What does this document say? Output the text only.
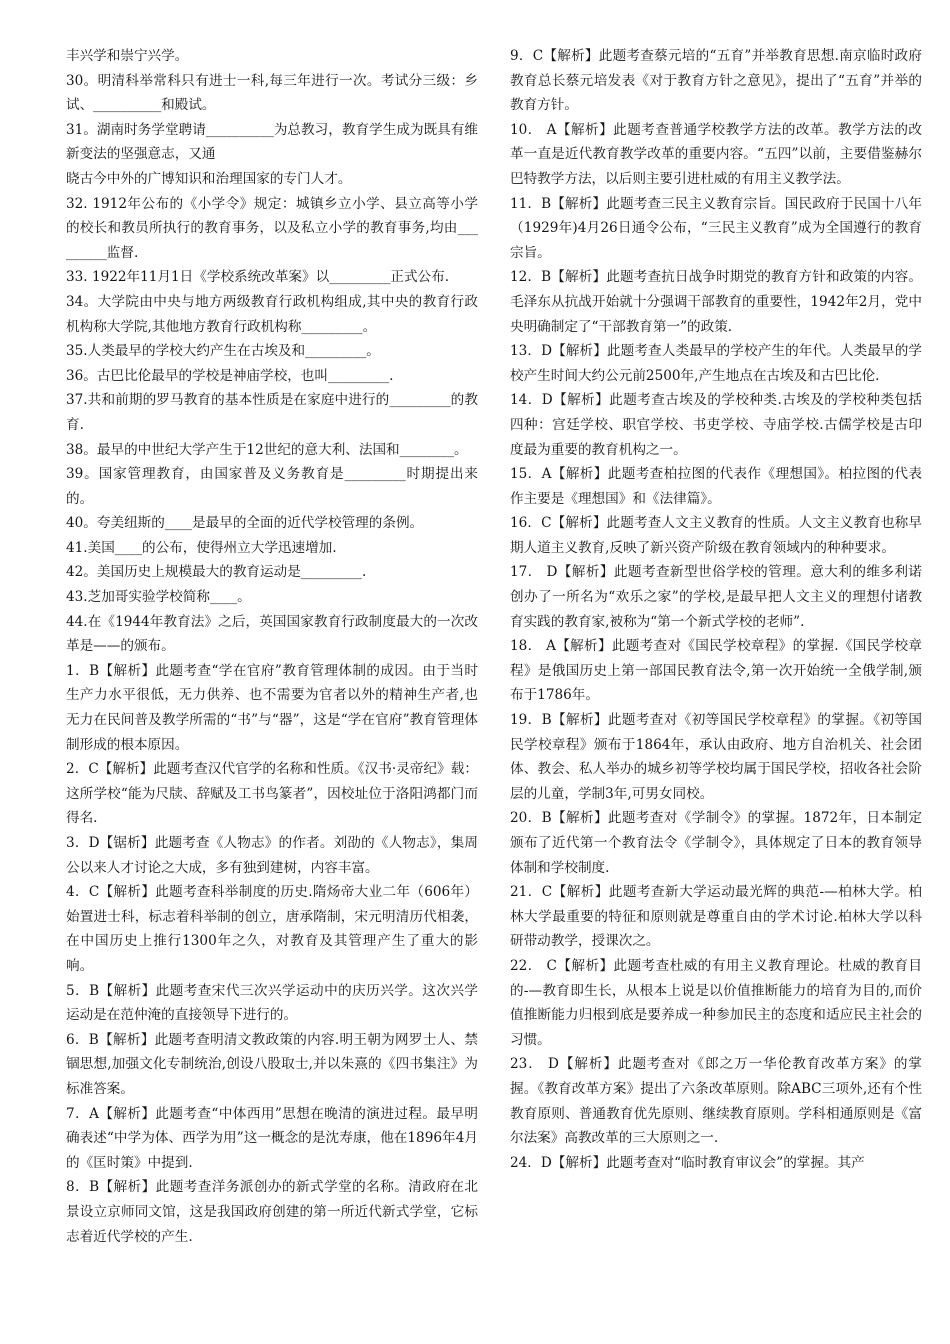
丰兴学和崇宁兴学。

30。明清科举常科只有进士一科,每三年进行一次。考试分三级：乡试、__________和殿试。

31。湖南时务学堂聘请__________为总教习，教育学生成为既具有维新变法的坚强意志，又通

晓古今中外的广博知识和治理国家的专门人才。

32. 1912年公布的《小学令》规定：城镇乡立小学、县立高等小学的校长和教员所执行的教育事务，以及私立小学的教育事务,均由_________监督.

33. 1922年11月1日《学校系统改革案》以_________正式公布.

34。大学院由中央与地方两级教育行政机构组成,其中央的教育行政机构称大学院,其他地方教育行政机构称_________。

35.人类最早的学校大约产生在古埃及和_________。

36。古巴比伦最早的学校是神庙学校，也叫_________.

37.共和前期的罗马教育的基本性质是在家庭中进行的_________的教育.

38。最早的中世纪大学产生于12世纪的意大利、法国和________。

39。国家管理教育，由国家普及义务教育是_________时期提出来的。

40。夸美纽斯的____是最早的全面的近代学校管理的条例。

41.美国____的公布，使得州立大学迅速增加.

42。美国历史上规模最大的教育运动是_________.

43.芝加哥实验学校简称____。

44.在《1944年教育法》之后，英国国家教育行政制度最大的一次改革是——的颁布。

1．B【解析】此题考查“学在官府”教育管理体制的成因。由于当时生产力水平很低，无力供养、也不需要为官者以外的精神生产者,也无力在民间普及教学所需的“书”与“器”，这是“学在官府”教育管理体制形成的根本原因。

2．C【解析】此题考查汉代官学的名称和性质。《汉书·灵帝纪》载：这所学校“能为尺牍、辞赋及工书鸟篆者”，因校址位于洛阳鸿都门而得名.

3．D【锯析】此题考查《人物志》的作者。刘劭的《人物志》，集周公以来人才讨论之大成，多有独到建树，内容丰富。

4．C【解析】此题考查科举制度的历史.隋炀帝大业二年（606年）始置进士科，标志着科举制的创立，唐承隋制，宋元明清历代相袭，在中国历史上推行1300年之久，对教育及其管理产生了重大的影响。

5．B【解析】此题考查宋代三次兴学运动中的庆历兴学。这次兴学运动是在范仲淹的直接领导下进行的。

6．B【解析】此题考查明清文教政策的内容.明王朝为网罗士人、禁锢思想,加强文化专制统治,创设八股取士,并以朱熹的《四书集注》为标准答案。

7．A【解析】此题考查“中体西用”思想在晚清的演进过程。最早明确表述“中学为体、西学为用”这一概念的是沈寿康，他在1896年4月的《匡时策》中提到.

8．B【解析】此题考查洋务派创办的新式学堂的名称。清政府在北景设立京师同文馆，这是我国政府创建的第一所近代新式学堂，它标志着近代学校的产生.

9．C【解析】此题考查蔡元培的“五育”并举教育思想.南京临时政府教育总长蔡元培发表《对于教育方针之意见》，提出了“五育”并举的教育方针。

10． A【解析】此题考查普通学校教学方法的改革。教学方法的改革一直是近代教育教学改革的重要内容。“五四”以前，主要借鉴赫尔巴特教学方法，以后则主要引进杜威的有用主义教学法。

11．B【解析】此题考查三民主义教育宗旨。国民政府于民国十八年（1929年)4月26日通令公布，“三民主义教育”成为全国遵行的教育宗旨。

12．B【解析】此题考查抗日战争时期党的教育方针和政策的内容。毛泽东从抗战开始就十分强调干部教育的重要性，1942年2月，党中央明确制定了“干部教育第一”的政策.

13．D【解析】此题考查人类最早的学校产生的年代。人类最早的学校产生时间大约公元前2500年,产生地点在古埃及和古巴比伦.

14．D【解析】此题考查古埃及的学校种类.古埃及的学校种类包括四种：宫廷学校、职官学校、书吏学校、寺庙学校.古儒学校是古印度最为重要的教育机构之一。

15．A【解析】此题考查柏拉图的代表作《理想国》。柏拉图的代表作主要是《理想国》和《法律篇》。

16．C【解析】此题考查人文主义教育的性质。人文主义教育也称早期人道主义教育,反映了新兴资产阶级在教育领域内的种种要求。

17． D【解析】此题考查新型世俗学校的管理。意大利的维多利诺创办了一所名为“欢乐之家”的学校,是最早把人文主义的理想付诸教育实践的教育家,被称为“第一个新式学校的老师”.

18． A【解析】此题考查对《国民学校章程》的掌握.《国民学校章程》是俄国历史上第一部国民教育法令,第一次开始统一全俄学制,颁布于1786年。

19．B【解析】此题考查对《初等国民学校章程》的掌握。《初等国民学校章程》颁布于1864年，承认由政府、地方自治机关、社会团体、教会、私人举办的城乡初等学校均属于国民学校，招收各社会阶层的儿童，学制3年,可男女同校。

20．B【解析】此题考查对《学制令》的掌握。1872年，日本制定颁布了近代第一个教育法令《学制令》，具体规定了日本的教育领导体制和学校制度.

21．C【解析】此题考查新大学运动最光辉的典范-—柏林大学。柏林大学最重要的特征和原则就是尊重自由的学术讨论.柏林大学以科研带动教学，授课次之。

22． C【解析】此题考查杜威的有用主义教育理论。杜威的教育目的-—教育即生长，从根本上说是以价值推断能力的培育为目的,而价值推断能力归根到底是要养成一种参加民主的态度和适应民主社会的习惯。

23． D【解析】此题考查对《郎之万一华伦教育改革方案》的掌握。《教育改革方案》提出了六条改革原则。除ABC三项外,还有个性教育原则、普通教育优先原则、继续教育原则。学科相通原则是《富尔法案》高教改革的三大原则之一.

24．D【解析】此题考查对“临时教育审议会”的掌握。其产
